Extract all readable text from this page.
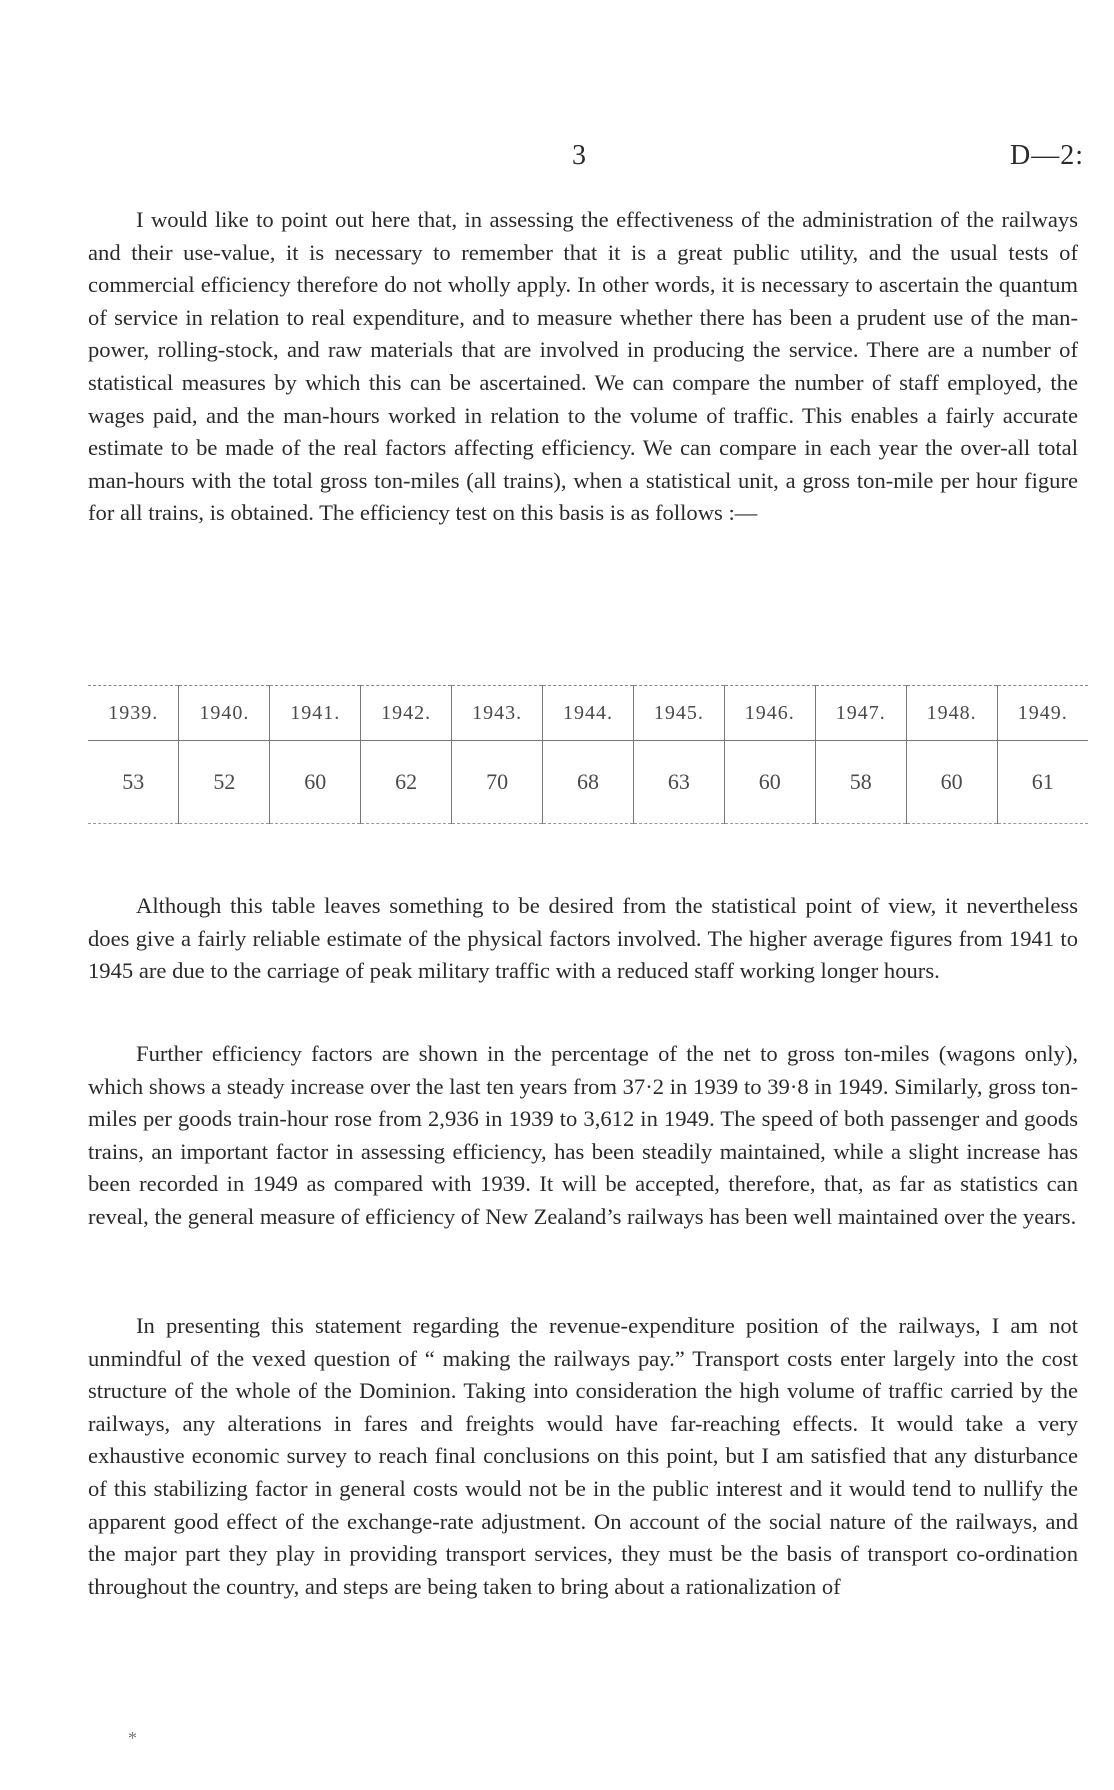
3	D—2:

I would like to point out here that, in assessing the effectiveness of the administration of the railways and their use-value, it is necessary to remember that it is a great public utility, and the usual tests of commercial efficiency therefore do not wholly apply. In other words, it is necessary to ascertain the quantum of service in relation to real expenditure, and to measure whether there has been a prudent use of the man-power, rolling-stock, and raw materials that are involved in producing the service. There are a number of statistical measures by which this can be ascertained. We can compare the number of staff employed, the wages paid, and the man-hours worked in relation to the volume of traffic. This enables a fairly accurate estimate to be made of the real factors affecting efficiency. We can compare in each year the over-all total man-hours with the total gross ton-miles (all trains), when a statistical unit, a gross ton-mile per hour figure for all trains, is obtained. The efficiency test on this basis is as follows :—

1939.	1940.	1941.	1942.	1943.	1944.	1945.	1946.	1947.	1948.	1949.
53	52	60	62	70	68	63	60	58	60	61

Although this table leaves something to be desired from the statistical point of view, it nevertheless does give a fairly reliable estimate of the physical factors involved. The higher average figures from 1941 to 1945 are due to the carriage of peak military traffic with a reduced staff working longer hours.

Further efficiency factors are shown in the percentage of the net to gross ton-miles (wagons only), which shows a steady increase over the last ten years from 37·2 in 1939 to 39·8 in 1949. Similarly, gross ton-miles per goods train-hour rose from 2,936 in 1939 to 3,612 in 1949. The speed of both passenger and goods trains, an important factor in assessing efficiency, has been steadily maintained, while a slight increase has been recorded in 1949 as compared with 1939. It will be accepted, therefore, that, as far as statistics can reveal, the general measure of efficiency of New Zealand’s railways has been well maintained over the years.

In presenting this statement regarding the revenue-expenditure position of the railways, I am not unmindful of the vexed question of “ making the railways pay.” Transport costs enter largely into the cost structure of the whole of the Dominion. Taking into consideration the high volume of traffic carried by the railways, any alterations in fares and freights would have far-reaching effects. It would take a very exhaustive economic survey to reach final conclusions on this point, but I am satisfied that any disturbance of this stabilizing factor in general costs would not be in the public interest and it would tend to nullify the apparent good effect of the exchange-rate adjustment. On account of the social nature of the railways, and the major part they play in providing transport services, they must be the basis of transport co-ordination throughout the country, and steps are being taken to bring about a rationalization of

*
